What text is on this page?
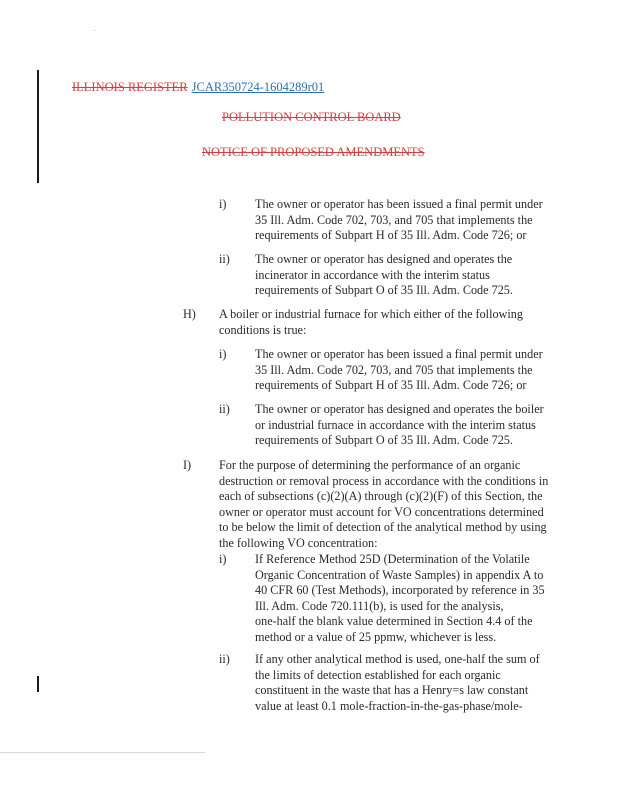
ILLINOIS REGISTER JCAR350724-1604289r01
POLLUTION CONTROL BOARD
NOTICE OF PROPOSED AMENDMENTS
i) The owner or operator has been issued a final permit under
35 Ill. Adm. Code 702, 703, and 705 that implements the
requirements of Subpart H of 35 Ill. Adm. Code 726; or
ii) The owner or operator has designed and operates the
incinerator in accordance with the interim status
requirements of Subpart O of 35 Ill. Adm. Code 725.
H) A boiler or industrial furnace for which either of the following
conditions is true:
i) The owner or operator has been issued a final permit under
35 Ill. Adm. Code 702, 703, and 705 that implements the
requirements of Subpart H of 35 Ill. Adm. Code 726; or
ii) The owner or operator has designed and operates the boiler
or industrial furnace in accordance with the interim status
requirements of Subpart O of 35 Ill. Adm. Code 725.
I) For the purpose of determining the performance of an organic
destruction or removal process in accordance with the conditions in
each of subsections (c)(2)(A) through (c)(2)(F) of this Section, the
owner or operator must account for VO concentrations determined
to be below the limit of detection of the analytical method by using
the following VO concentration:
i) If Reference Method 25D (Determination of the Volatile
Organic Concentration of Waste Samples) in appendix A to
40 CFR 60 (Test Methods), incorporated by reference in 35
Ill. Adm. Code 720.111(b), is used for the analysis,
one-half the blank value determined in Section 4.4 of the
method or a value of 25 ppmw, whichever is less.
ii) If any other analytical method is used, one-half the sum of
the limits of detection established for each organic
constituent in the waste that has a Henry=s law constant
value at least 0.1 mole-fraction-in-the-gas-phase/mole-
